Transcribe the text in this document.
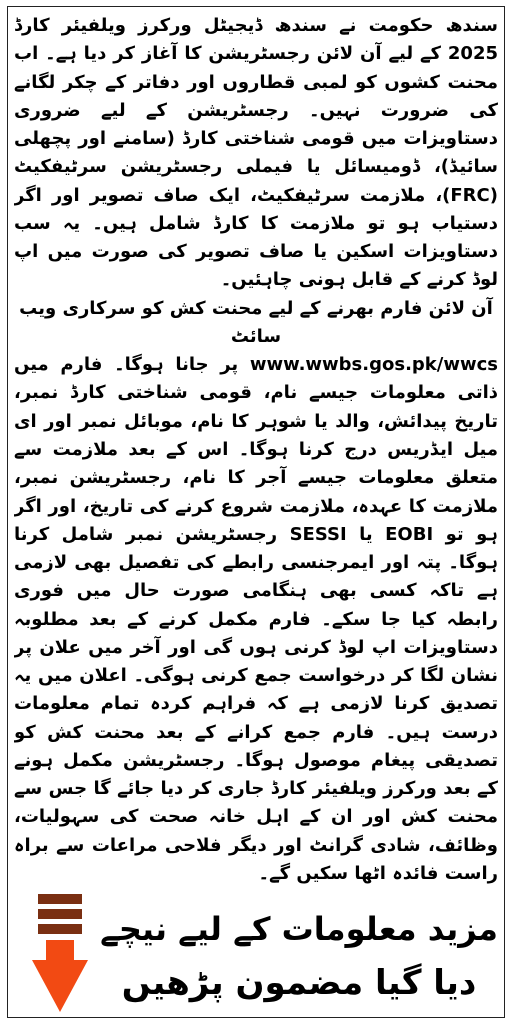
سندھ حکومت نے سندھ ڈیجیٹل ورکرز ویلفیئر کارڈ 2025 کے لیے آن لائن رجسٹریشن کا آغاز کر دیا ہے۔ اب محنت کشوں کو لمبی قطاروں اور دفاتر کے چکر لگانے کی ضرورت نہیں۔ رجسٹریشن کے لیے ضروری دستاویزات میں قومی شناختی کارڈ (سامنے اور پچھلی سائیڈ)، ڈومیسائل یا فیملی رجسٹریشن سرٹیفکیٹ (FRC)، ملازمت سرٹیفکیٹ، ایک صاف تصویر اور اگر دستیاب ہو تو ملازمت کا کارڈ شامل ہیں۔ یہ سب دستاویزات اسکین یا صاف تصویر کی صورت میں اپ لوڈ کرنے کے قابل ہونی چاہئیں۔

آن لائن فارم بھرنے کے لیے محنت کش کو سرکاری ویب سائٹ

www.wwbs.gos.pk/wwcs پر جانا ہوگا۔ فارم میں ذاتی معلومات جیسے نام، قومی شناختی کارڈ نمبر، تاریخ پیدائش، والد یا شوہر کا نام، موبائل نمبر اور ای میل ایڈریس درج کرنا ہوگا۔ اس کے بعد ملازمت سے متعلق معلومات جیسے آجر کا نام، رجسٹریشن نمبر، ملازمت کا عہدہ، ملازمت شروع کرنے کی تاریخ، اور اگر ہو تو EOBI یا SESSI رجسٹریشن نمبر شامل کرنا ہوگا۔ پتہ اور ایمرجنسی رابطے کی تفصیل بھی لازمی ہے تاکہ کسی بھی ہنگامی صورت حال میں فوری رابطہ کیا جا سکے۔ فارم مکمل کرنے کے بعد مطلوبہ دستاویزات اپ لوڈ کرنی ہوں گی اور آخر میں علان پر نشان لگا کر درخواست جمع کرنی ہوگی۔ اعلان میں یہ تصدیق کرنا لازمی ہے کہ فراہم کردہ تمام معلومات درست ہیں۔ فارم جمع کرانے کے بعد محنت کش کو تصدیقی پیغام موصول ہوگا۔ رجسٹریشن مکمل ہونے کے بعد ورکرز ویلفیئر کارڈ جاری کر دیا جائے گا جس سے محنت کش اور ان کے اہل خانہ صحت کی سہولیات، وظائف، شادی گرانٹ اور دیگر فلاحی مراعات سے براہ راست فائدہ اٹھا سکیں گے۔

مزید معلومات کے لیے نیچے
دیا گیا مضمون پڑھیں
